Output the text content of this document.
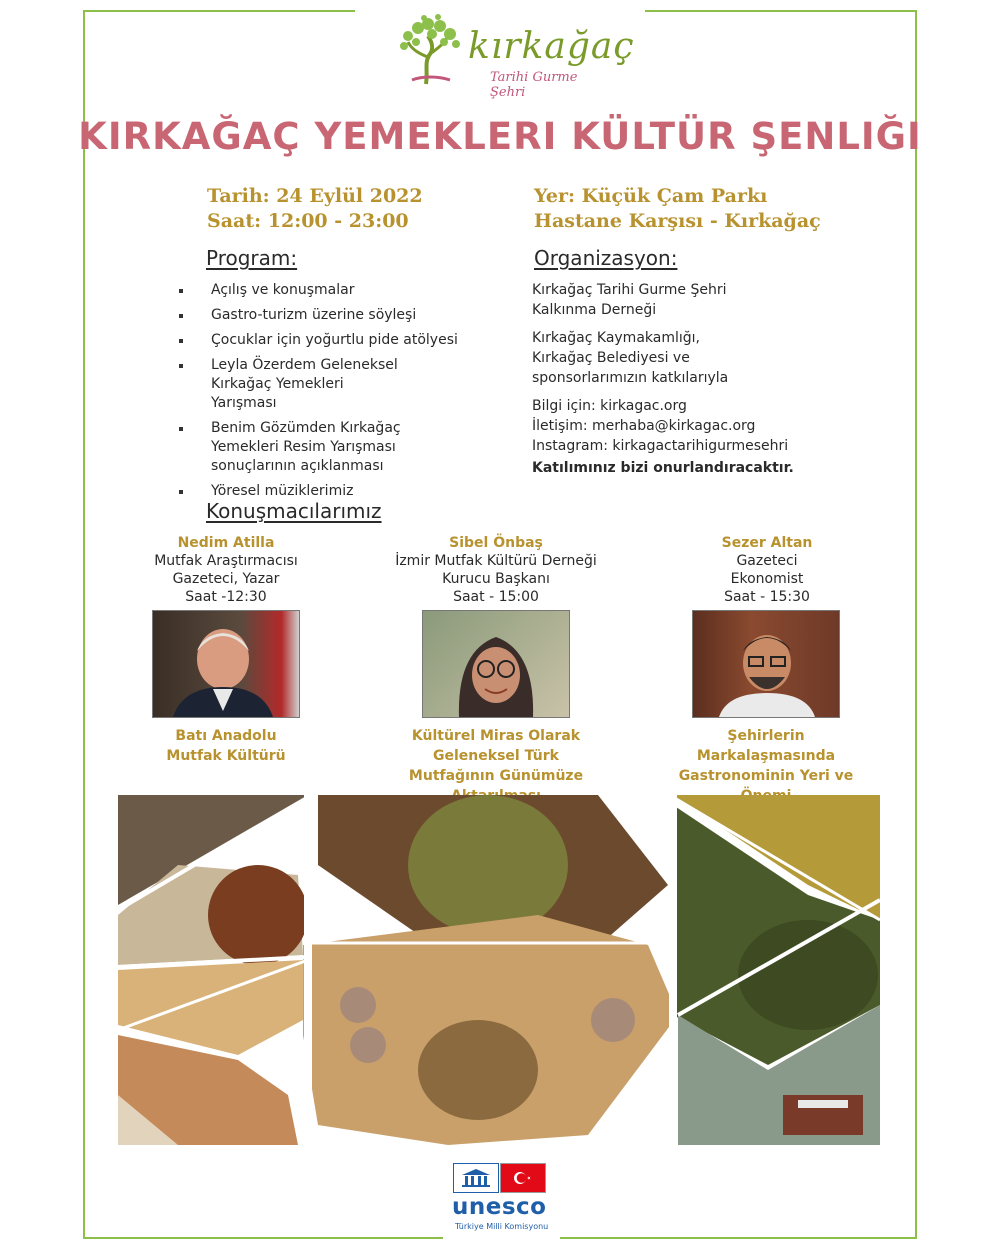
kırkağaç
Tarihi Gurme Şehri
KIRKAĞAÇ YEMEKLERI KÜLTÜR ŞENLIĞI
Tarih: 24 Eylül 2022
Saat: 12:00 - 23:00
Yer: Küçük Çam Parkı
Hastane Karşısı - Kırkağaç
Program:
Açılış ve konuşmalar
Gastro-turizm üzerine söyleşi
Çocuklar için yoğurtlu pide atölyesi
Leyla Özerdem Geleneksel Kırkağaç Yemekleri Yarışması
Benim Gözümden Kırkağaç Yemekleri Resim Yarışması sonuçlarının açıklanması
Yöresel müziklerimiz
Organizasyon:

Kırkağaç Tarihi Gurme Şehri Kalkınma Derneği

Kırkağaç Kaymakamlığı, Kırkağaç Belediyesi ve sponsorlarımızın katkılarıyla

Bilgi için: kirkagac.org
İletişim: merhaba@kirkagac.org
Instagram: kirkagactarihigurmesehri

Katılımınız bizi onurlandıracaktır.

Konuşmacılarımız
Nedim Atilla
Mutfak Araştırmacısı
Gazeteci, Yazar
Saat -12:30
Batı Anadolu Mutfak Kültürü
Sibel Önbaş
İzmir Mutfak Kültürü Derneği
Kurucu Başkanı
Saat - 15:00
Kültürel Miras Olarak Geleneksel Türk Mutfağının Günümüze
Sezer Altan
Gazeteci
Ekonomist
Saat - 15:30
Şehirlerin Markalaşmasında Gastronominin Yeri ve
unesco
Türkiye Milli Komisyonu
